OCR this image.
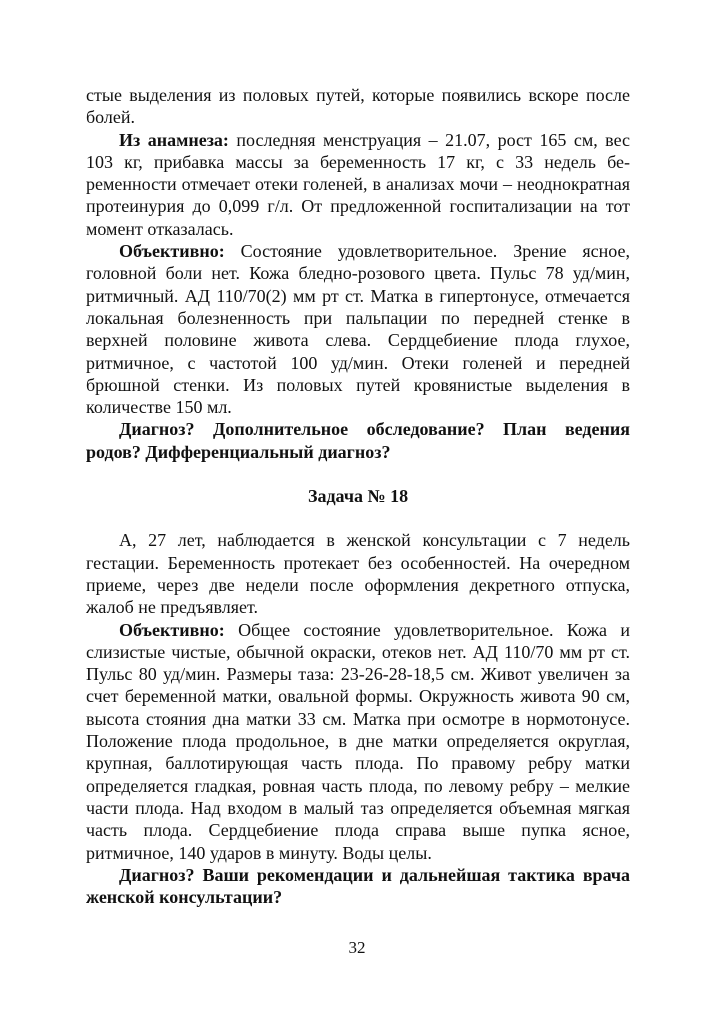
стые выделения из половых путей, которые появились вскоре после болей.

Из анамнеза: последняя менструация – 21.07, рост 165 см, вес 103 кг, прибавка массы за беременность 17 кг, с 33 недель беременности отмечает отеки голеней, в анализах мочи – неоднократная протеинурия до 0,099 г/л. От предложенной госпитализации на тот момент отказалась.

Объективно: Состояние удовлетворительное. Зрение ясное, головной боли нет. Кожа бледно-розового цвета. Пульс 78 уд/мин, ритмичный. АД 110/70(2) мм рт ст. Матка в гипертонусе, отмечается локальная болезненность при пальпации по передней стенке в верхней половине живота слева. Сердцебиение плода глухое, ритмичное, с частотой 100 уд/мин. Отеки голеней и передней брюшной стенки. Из половых путей кровянистые выделения в количестве 150 мл.

Диагноз? Дополнительное обследование? План ведения родов? Дифференциальный диагноз?

Задача № 18

А, 27 лет, наблюдается в женской консультации с 7 недель гестации. Беременность протекает без особенностей. На очередном приеме, через две недели после оформления декретного отпуска, жалоб не предъявляет.

Объективно: Общее состояние удовлетворительное. Кожа и слизистые чистые, обычной окраски, отеков нет. АД 110/70 мм рт ст. Пульс 80 уд/мин. Размеры таза: 23-26-28-18,5 см. Живот увеличен за счет беременной матки, овальной формы. Окружность живота 90 см, высота стояния дна матки 33 см. Матка при осмотре в нормотонусе. Положение плода продольное, в дне матки определяется округлая, крупная, баллотирующая часть плода. По правому ребру матки определяется гладкая, ровная часть плода, по левому ребру – мелкие части плода. Над входом в малый таз определяется объемная мягкая часть плода. Сердцебиение плода справа выше пупка ясное, ритмичное, 140 ударов в минуту. Воды целы.

Диагноз? Ваши рекомендации и дальнейшая тактика врача женской консультации?

32
